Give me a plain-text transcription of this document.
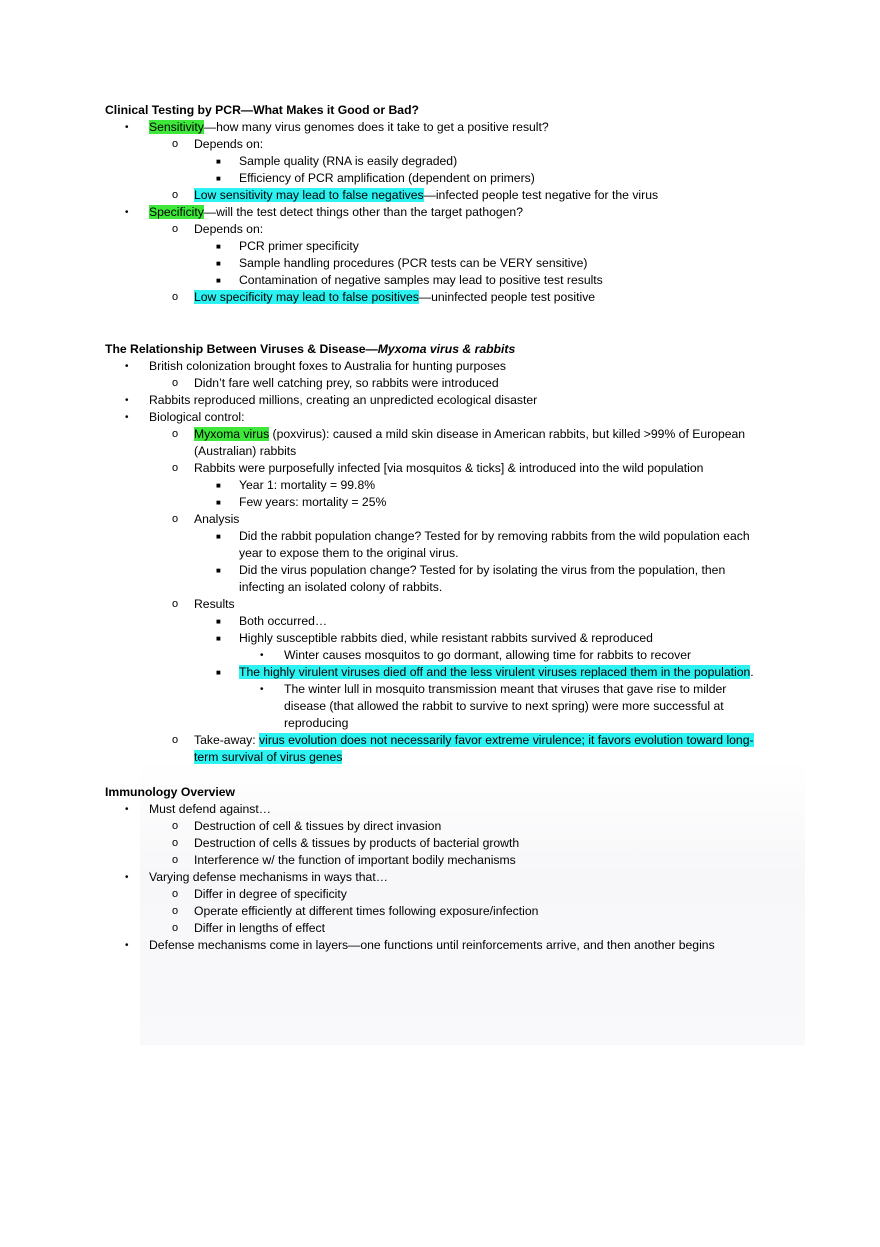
Clinical Testing by PCR—What Makes it Good or Bad?
• Sensitivity—how many virus genomes does it take to get a positive result?
o Depends on:
■ Sample quality (RNA is easily degraded)
■ Efficiency of PCR amplification (dependent on primers)
o Low sensitivity may lead to false negatives—infected people test negative for the virus
• Specificity—will the test detect things other than the target pathogen?
o Depends on:
■ PCR primer specificity
■ Sample handling procedures (PCR tests can be VERY sensitive)
■ Contamination of negative samples may lead to positive test results
o Low specificity may lead to false positives—uninfected people test positive
The Relationship Between Viruses & Disease—Myxoma virus & rabbits
• British colonization brought foxes to Australia for hunting purposes
o Didn’t fare well catching prey, so rabbits were introduced
• Rabbits reproduced millions, creating an unpredicted ecological disaster
• Biological control:
o Myxoma virus (poxvirus): caused a mild skin disease in American rabbits, but killed >99% of European
(Australian) rabbits
o Rabbits were purposefully infected [via mosquitos & ticks] & introduced into the wild population
■ Year 1: mortality = 99.8%
■ Few years: mortality = 25%
o Analysis
■ Did the rabbit population change? Tested for by removing rabbits from the wild population each
year to expose them to the original virus.
■ Did the virus population change? Tested for by isolating the virus from the population, then
infecting an isolated colony of rabbits.
o Results
■ Both occurred…
■ Highly susceptible rabbits died, while resistant rabbits survived & reproduced
• Winter causes mosquitos to go dormant, allowing time for rabbits to recover
■ The highly virulent viruses died off and the less virulent viruses replaced them in the population.
• The winter lull in mosquito transmission meant that viruses that gave rise to milder
disease (that allowed the rabbit to survive to next spring) were more successful at
reproducing
o Take-away: virus evolution does not necessarily favor extreme virulence; it favors evolution toward long-
term survival of virus genes
Immunology Overview
• Must defend against…
o Destruction of cell & tissues by direct invasion
o Destruction of cells & tissues by products of bacterial growth
o Interference w/ the function of important bodily mechanisms
• Varying defense mechanisms in ways that…
o Differ in degree of specificity
o Operate efficiently at different times following exposure/infection
o Differ in lengths of effect
• Defense mechanisms come in layers—one functions until reinforcements arrive, and then another begins
